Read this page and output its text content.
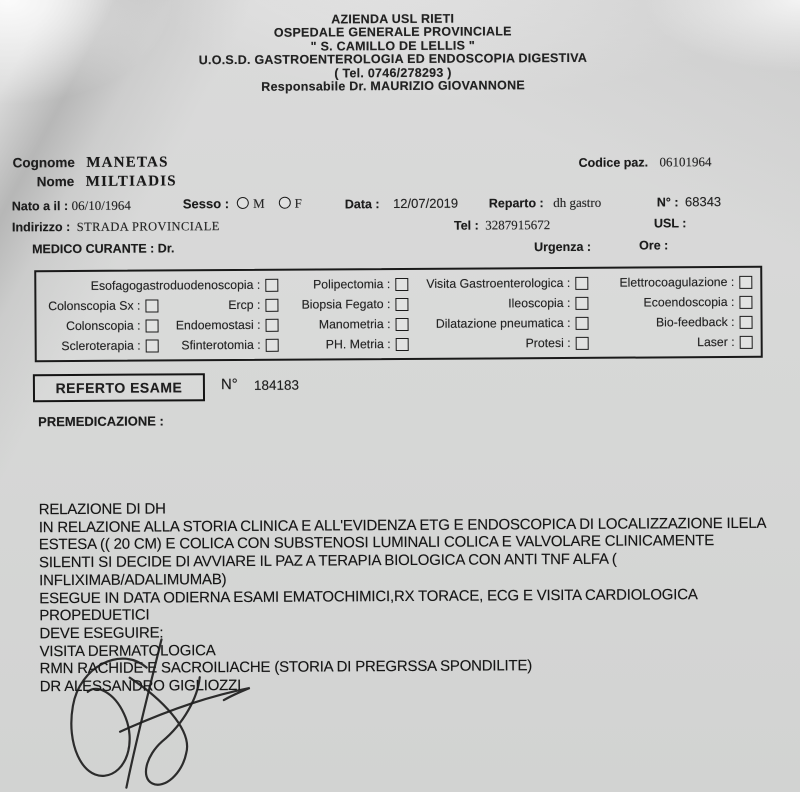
AZIENDA USL RIETI
OSPEDALE GENERALE PROVINCIALE
" S. CAMILLO DE LELLIS "
U.O.S.D. GASTROENTEROLOGIA ED ENDOSCOPIA DIGESTIVA
( Tel. 0746/278293 )
Responsabile Dr. MAURIZIO GIOVANNONE
Cognome MANETAS	Codice paz. 06101964
Nome MILTIADIS
Nato a il : 06/10/1964	Sesso : M F	Data : 12/07/2019 Reparto : dh gastro	N° : 68343
Indirizzo : STRADA PROVINCIALE	Tel : 3287915672	USL :
MEDICO CURANTE : Dr.	Urgenza :	Ore :
Esofagogastroduodenoscopia :	Polipectomia :	Visita Gastroenterologica :	Elettrocoagulazione :
Colonscopia Sx :	Ercp :	Biopsia Fegato :	Ileoscopia :	Ecoendoscopia :
Colonscopia :	Endoemostasi :	Manometria :	Dilatazione pneumatica :	Bio-feedback :
Scleroterapia :	Sfinterotomia :	PH. Metria :	Protesi :	Laser :
REFERTO ESAME	N° 184183
PREMEDICAZIONE :
RELAZIONE DI DH
IN RELAZIONE ALLA STORIA CLINICA E ALL'EVIDENZA ETG E ENDOSCOPICA DI LOCALIZZAZIONE ILELA
ESTESA (( 20 CM) E COLICA CON SUBSTENOSI LUMINALI COLICA E VALVOLARE CLINICAMENTE
SILENTI SI DECIDE DI AVVIARE IL PAZ A TERAPIA BIOLOGICA CON ANTI TNF ALFA (
INFLIXIMAB/ADALIMUMAB)
ESEGUE IN DATA ODIERNA ESAMI EMATOCHIMICI,RX TORACE, ECG E VISITA CARDIOLOGICA
PROPEDUETICI
DEVE ESEGUIRE:
VISITA DERMATOLOGICA
RMN RACHIDE E SACROILIACHE (STORIA DI PREGRSSA SPONDILITE)
DR ALESSANDRO GIGLIOZZI
